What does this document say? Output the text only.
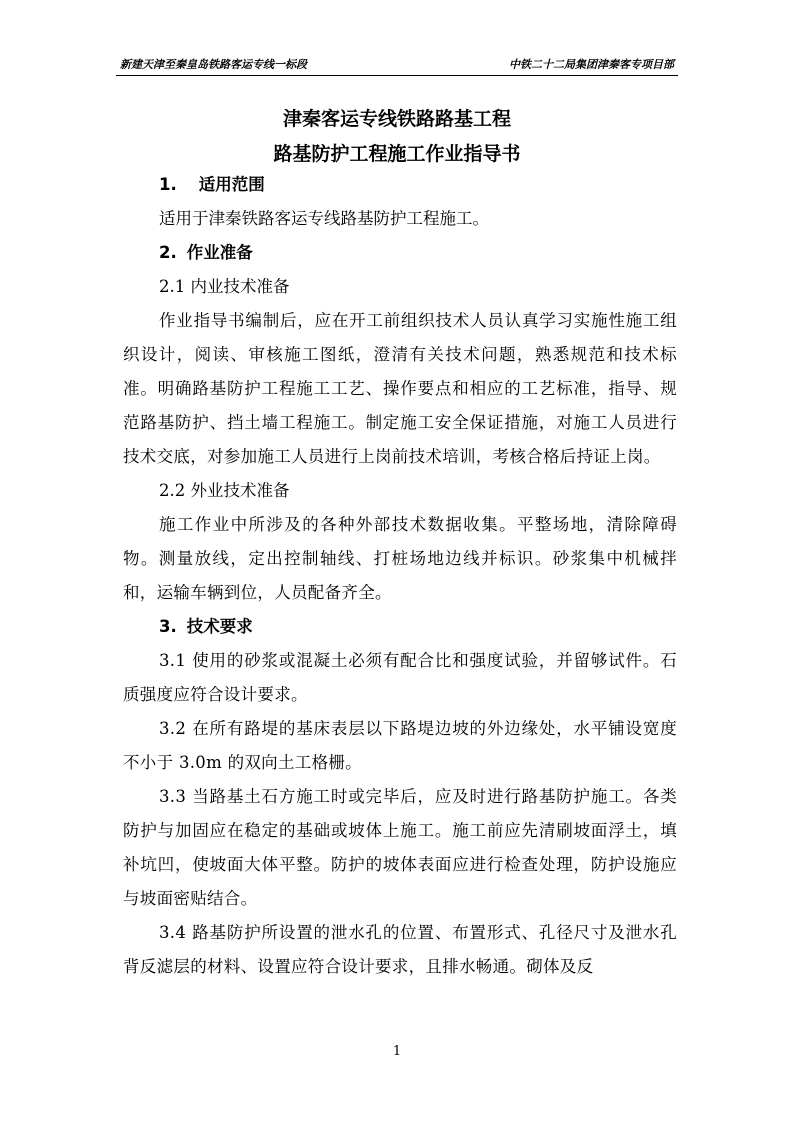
新建天津至秦皇岛铁路客运专线一标段	中铁二十二局集团津秦客专项目部
津秦客运专线铁路路基工程
路基防护工程施工作业指导书

1. 适用范围

适用于津秦铁路客运专线路基防护工程施工。

2. 作业准备

2.1 内业技术准备

作业指导书编制后，应在开工前组织技术人员认真学习实施性施工组织设计，阅读、审核施工图纸，澄清有关技术问题，熟悉规范和技术标准。明确路基防护工程施工工艺、操作要点和相应的工艺标准，指导、规范路基防护、挡土墙工程施工。制定施工安全保证措施，对施工人员进行技术交底，对参加施工人员进行上岗前技术培训，考核合格后持证上岗。

2.2 外业技术准备

施工作业中所涉及的各种外部技术数据收集。平整场地，清除障碍物。测量放线，定出控制轴线、打桩场地边线并标识。砂浆集中机械拌和，运输车辆到位，人员配备齐全。

3. 技术要求

3.1 使用的砂浆或混凝土必须有配合比和强度试验，并留够试件。石质强度应符合设计要求。

3.2 在所有路堤的基床表层以下路堤边坡的外边缘处，水平铺设宽度不小于 3.0m 的双向土工格栅。

3.3 当路基土石方施工时或完毕后，应及时进行路基防护施工。各类防护与加固应在稳定的基础或坡体上施工。施工前应先清刷坡面浮土，填补坑凹，使坡面大体平整。防护的坡体表面应进行检查处理，防护设施应与坡面密贴结合。

3.4 路基防护所设置的泄水孔的位置、布置形式、孔径尺寸及泄水孔背反滤层的材料、设置应符合设计要求，且排水畅通。砌体及反

1
